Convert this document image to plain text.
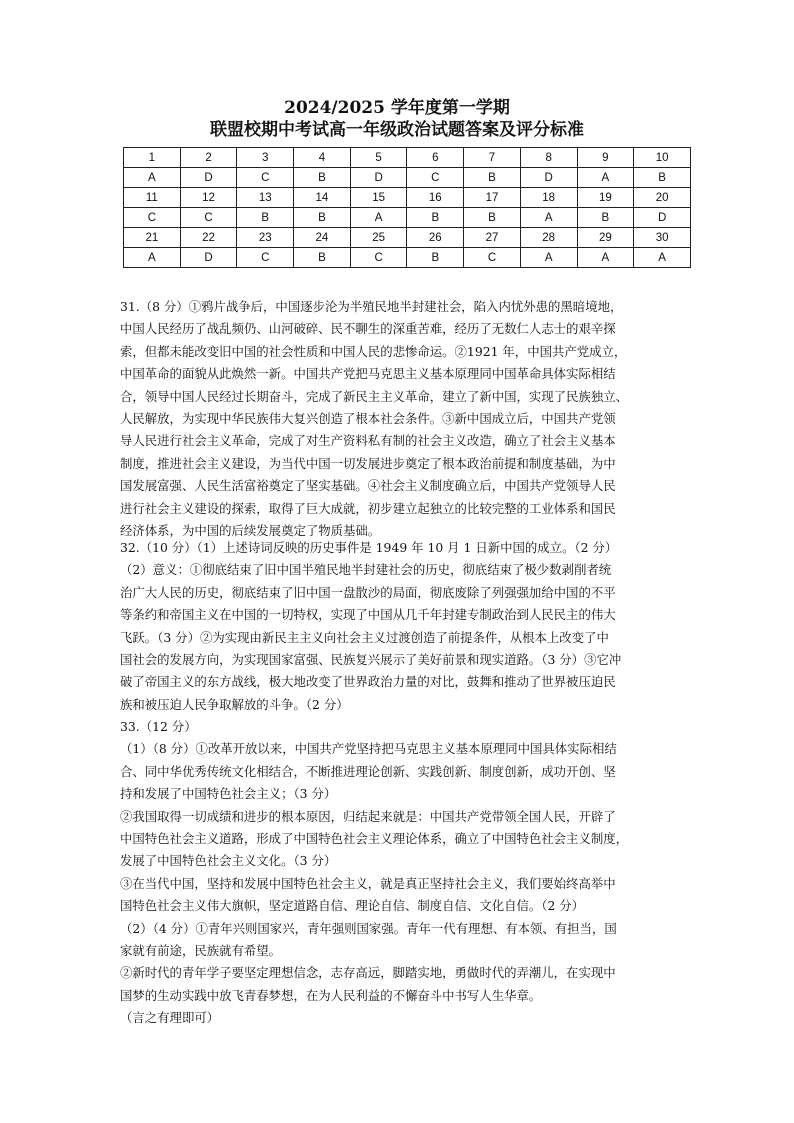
2024/2025 学年度第一学期
联盟校期中考试高一年级政治试题答案及评分标准
1	2	3	4	5	6	7	8	9	10
A	D	C	B	D	C	B	D	A	B
11	12	13	14	15	16	17	18	19	20
C	C	B	B	A	B	B	A	B	D
21	22	23	24	25	26	27	28	29	30
A	D	C	B	C	B	C	A	A	A

31.（8 分）①鸦片战争后，中国逐步沦为半殖民地半封建社会，陷入内忧外患的黑暗境地，

中国人民经历了战乱频仍、山河破碎、民不聊生的深重苦难，经历了无数仁人志士的艰辛探

索，但都未能改变旧中国的社会性质和中国人民的悲惨命运。②1921 年，中国共产党成立，

中国革命的面貌从此焕然一新。中国共产党把马克思主义基本原理同中国革命具体实际相结

合，领导中国人民经过长期奋斗，完成了新民主主义革命，建立了新中国，实现了民族独立、

人民解放，为实现中华民族伟大复兴创造了根本社会条件。③新中国成立后，中国共产党领

导人民进行社会主义革命，完成了对生产资料私有制的社会主义改造，确立了社会主义基本

制度，推进社会主义建设，为当代中国一切发展进步奠定了根本政治前提和制度基础，为中

国发展富强、人民生活富裕奠定了坚实基础。④社会主义制度确立后，中国共产党领导人民

进行社会主义建设的探索，取得了巨大成就，初步建立起独立的比较完整的工业体系和国民

经济体系，为中国的后续发展奠定了物质基础。

32.（10 分）（1）上述诗词反映的历史事件是 1949 年 10 月 1 日新中国的成立。（2 分）

（2）意义：①彻底结束了旧中国半殖民地半封建社会的历史，彻底结束了极少数剥削者统

治广大人民的历史，彻底结束了旧中国一盘散沙的局面，彻底废除了列强强加给中国的不平

等条约和帝国主义在中国的一切特权，实现了中国从几千年封建专制政治到人民民主的伟大

飞跃。（3 分）②为实现由新民主主义向社会主义过渡创造了前提条件，从根本上改变了中

国社会的发展方向，为实现国家富强、民族复兴展示了美好前景和现实道路。（3 分）③它冲

破了帝国主义的东方战线，极大地改变了世界政治力量的对比，鼓舞和推动了世界被压迫民

族和被压迫人民争取解放的斗争。（2 分）

33.（12 分）

（1）（8 分）①改革开放以来，中国共产党坚持把马克思主义基本原理同中国具体实际相结

合、同中华优秀传统文化相结合，不断推进理论创新、实践创新、制度创新，成功开创、坚

持和发展了中国特色社会主义；（3 分）

②我国取得一切成绩和进步的根本原因，归结起来就是：中国共产党带领全国人民，开辟了

中国特色社会主义道路，形成了中国特色社会主义理论体系，确立了中国特色社会主义制度，

发展了中国特色社会主义文化。（3 分）

③在当代中国，坚持和发展中国特色社会主义，就是真正坚持社会主义，我们要始终高举中

国特色社会主义伟大旗帜，坚定道路自信、理论自信、制度自信、文化自信。（2 分）

（2）（4 分）①青年兴则国家兴，青年强则国家强。青年一代有理想、有本领、有担当，国

家就有前途，民族就有希望。

②新时代的青年学子要坚定理想信念，志存高远，脚踏实地，勇做时代的弄潮儿，在实现中

国梦的生动实践中放飞青春梦想，在为人民利益的不懈奋斗中书写人生华章。

（言之有理即可）
